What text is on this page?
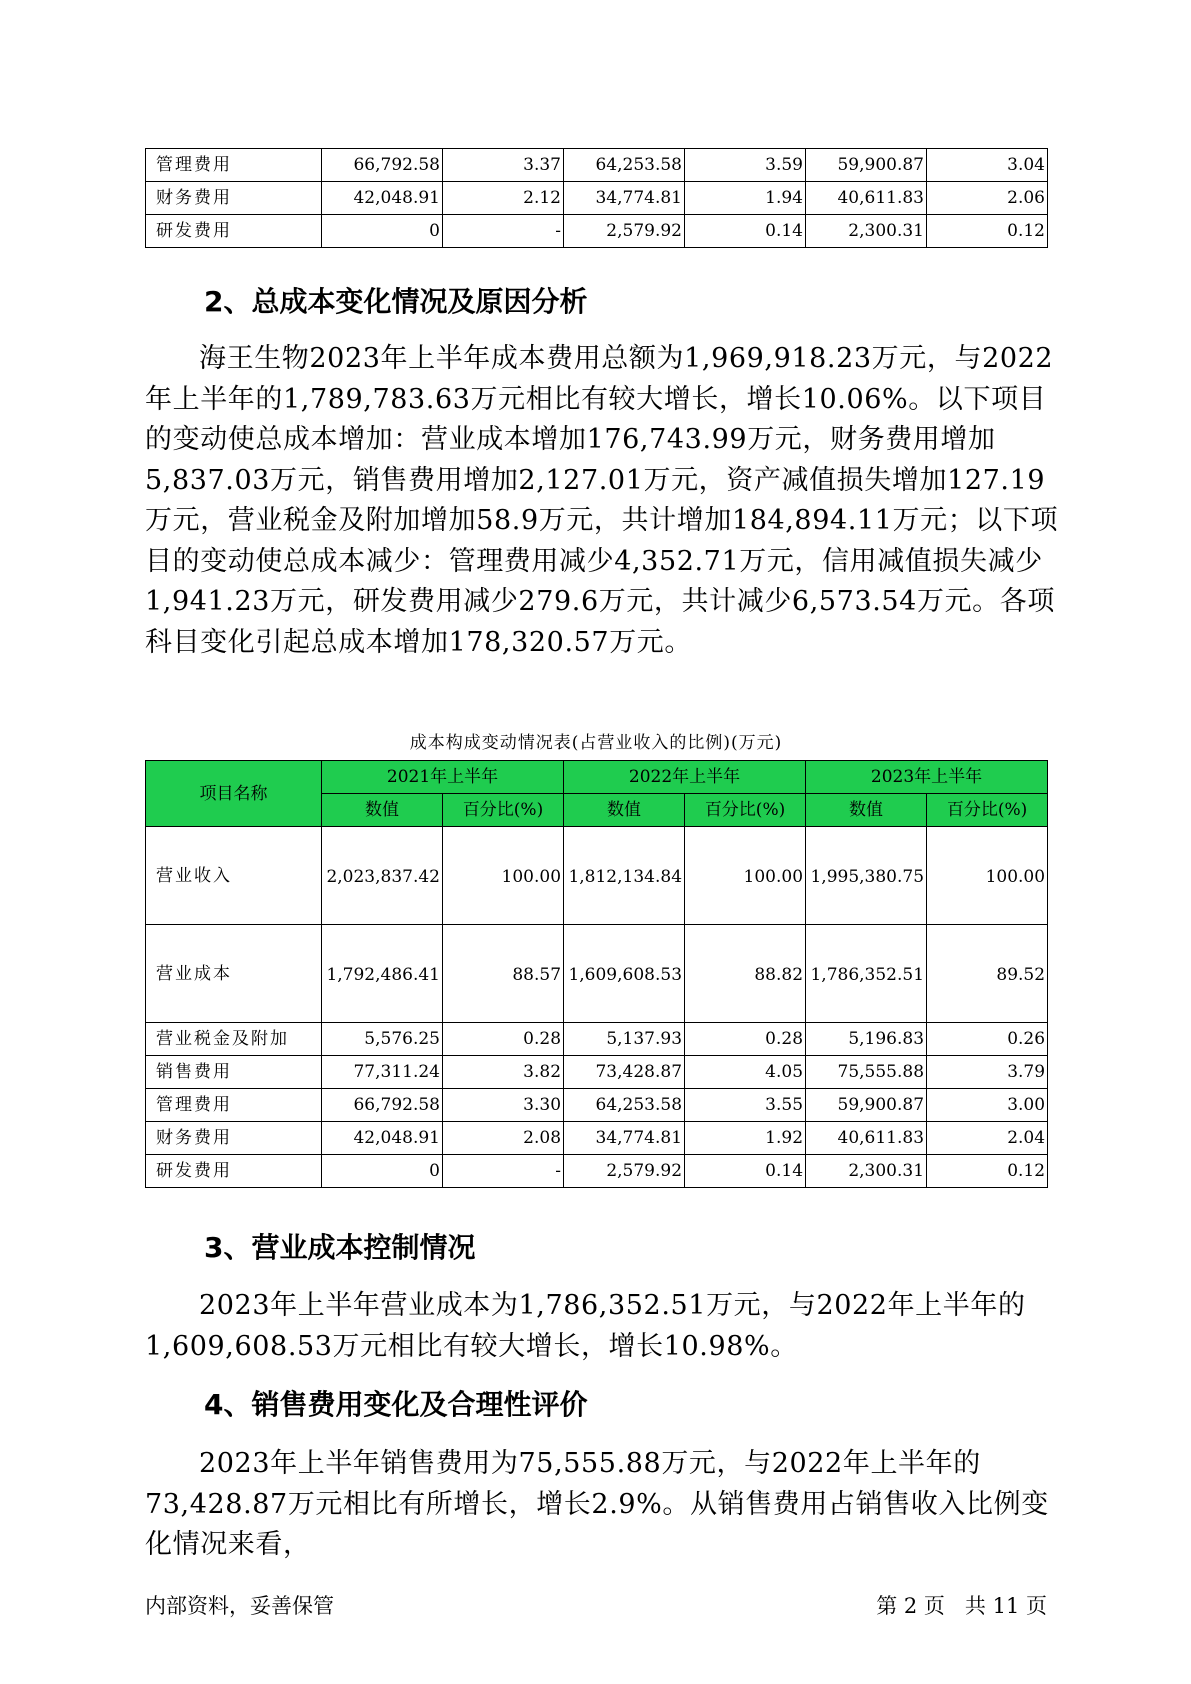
管理费用	66,792.58	3.37	64,253.58	3.59	59,900.87	3.04
财务费用	42,048.91	2.12	34,774.81	1.94	40,611.83	2.06
研发费用	0	-	2,579.92	0.14	2,300.31	0.12
2、总成本变化情况及原因分析

海王生物2023年上半年成本费用总额为1,969,918.23万元，与2022年上半年的1,789,783.63万元相比有较大增长，增长10.06%。以下项目的变动使总成本增加：营业成本增加176,743.99万元，财务费用增加5,837.03万元，销售费用增加2,127.01万元，资产减值损失增加127.19万元，营业税金及附加增加58.9万元，共计增加184,894.11万元；以下项目的变动使总成本减少：管理费用减少4,352.71万元，信用减值损失减少1,941.23万元，研发费用减少279.6万元，共计减少6,573.54万元。各项科目变化引起总成本增加178,320.57万元。

成本构成变动情况表(占营业收入的比例)(万元)

项目名称	2021年上半年		2022年上半年		2023年上半年	
	数值	百分比(%)	数值	百分比(%)	数值	百分比(%)
营业收入	2,023,837.42	100.00	1,812,134.84	100.00	1,995,380.75	100.00
营业成本	1,792,486.41	88.57	1,609,608.53	88.82	1,786,352.51	89.52
营业税金及附加	5,576.25	0.28	5,137.93	0.28	5,196.83	0.26
销售费用	77,311.24	3.82	73,428.87	4.05	75,555.88	3.79
管理费用	66,792.58	3.30	64,253.58	3.55	59,900.87	3.00
财务费用	42,048.91	2.08	34,774.81	1.92	40,611.83	2.04
研发费用	0	-	2,579.92	0.14	2,300.31	0.12
3、营业成本控制情况

2023年上半年营业成本为1,786,352.51万元，与2022年上半年的1,609,608.53万元相比有较大增长，增长10.98%。

4、销售费用变化及合理性评价

2023年上半年销售费用为75,555.88万元，与2022年上半年的73,428.87万元相比有所增长，增长2.9%。从销售费用占销售收入比例变化情况来看，

内部资料，妥善保管	第 2 页   共 11 页
